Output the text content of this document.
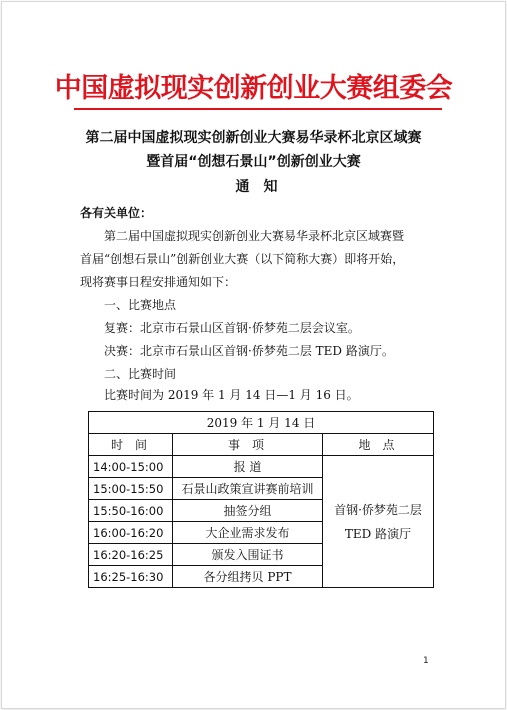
中国虚拟现实创新创业大赛组委会
第二届中国虚拟现实创新创业大赛易华录杯北京区域赛
暨首届“创想石景山”创新创业大赛
通知
各有关单位：
第二届中国虚拟现实创新创业大赛易华录杯北京区域赛暨
首届“创想石景山”创新创业大赛（以下简称大赛）即将开始，
现将赛事日程安排通知如下：
一、比赛地点
复赛：北京市石景山区首钢·侨梦苑二层会议室。
决赛：北京市石景山区首钢·侨梦苑二层 TED 路演厅。
二、比赛时间
比赛时间为 2019 年 1 月 14 日—1 月 16 日。
2019 年 1 月 14 日		
时间	事项	地点
14:00-15:00	报 道	首钢·侨梦苑二层
TED 路演厅

15:00-15:50	石景山政策宣讲赛前培训	
15:50-16:00	抽签分组	
16:00-16:20	大企业需求发布	
16:20-16:25	颁发入围证书	
16:25-16:30	各分组拷贝 PPT	
1
